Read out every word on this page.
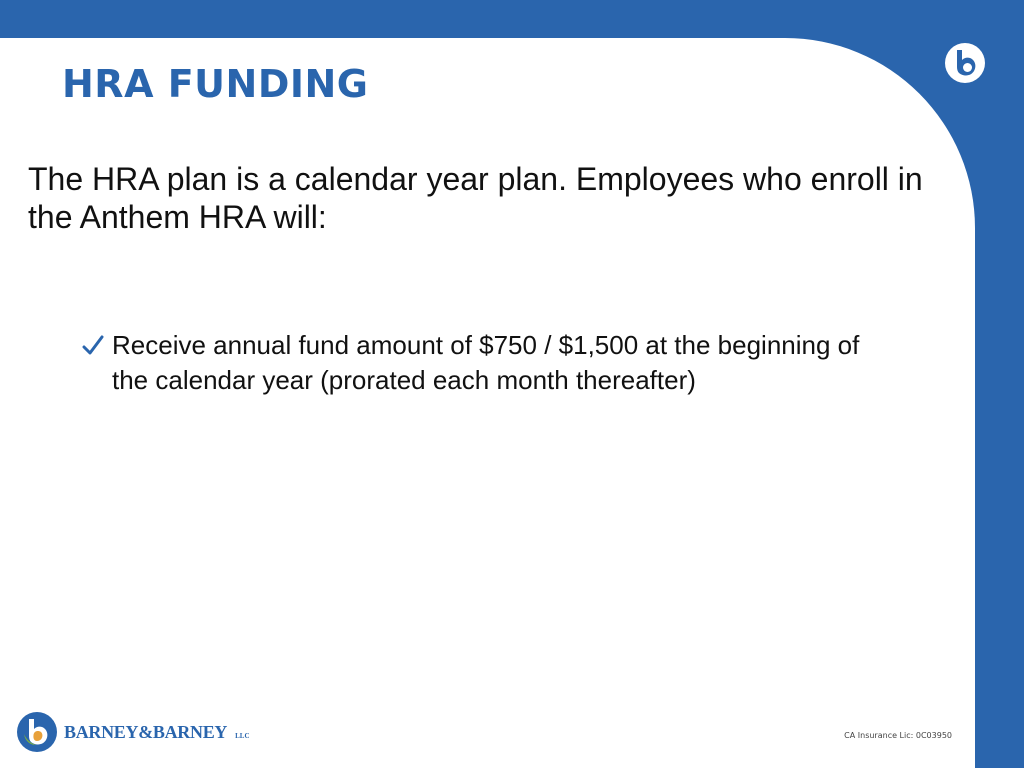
HRA FUNDING

The HRA plan is a calendar year plan. Employees who enroll in the Anthem HRA will:

Receive annual fund amount of $750 / $1,500 at the beginning of the calendar year (prorated each month thereafter)
BARNEY&BARNEY LLC	CA Insurance Lic: 0C03950
